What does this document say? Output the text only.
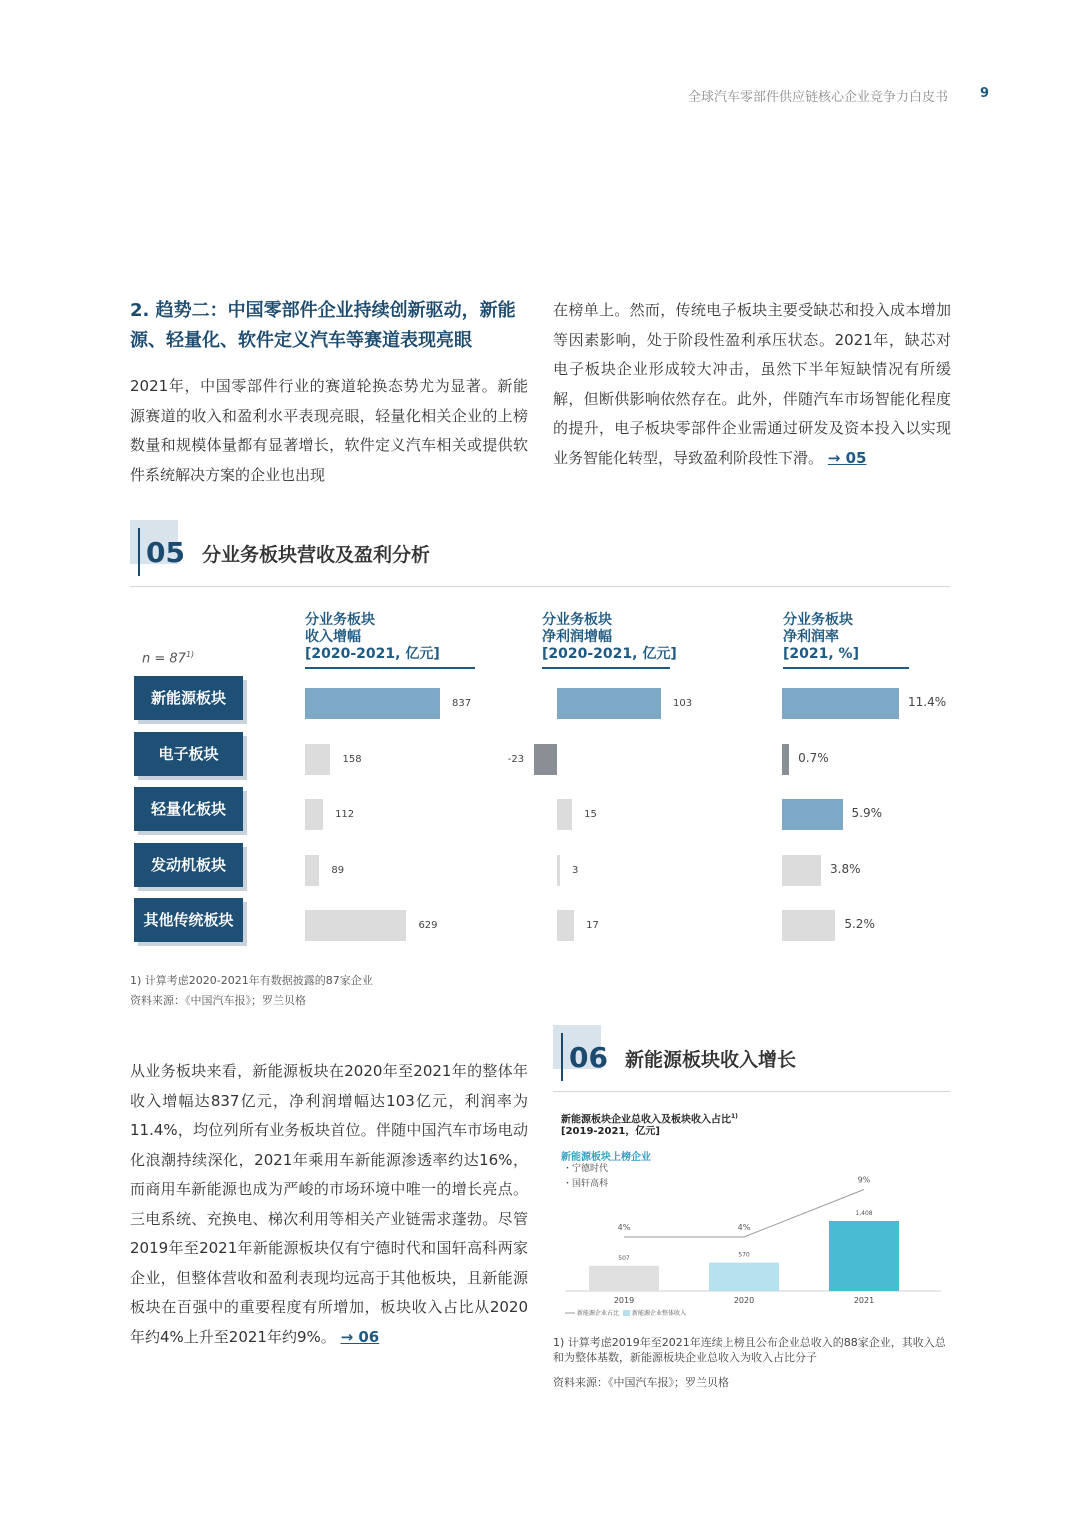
全球汽车零部件供应链核心企业竞争力白皮书 9
2. 趋势二：中国零部件企业持续创新驱动，新能源、轻量化、软件定义汽车等赛道表现亮眼
2021年，中国零部件行业的赛道轮换态势尤为显著。新能源赛道的收入和盈利水平表现亮眼，轻量化相关企业的上榜数量和规模体量都有显著增长，软件定义汽车相关或提供软件系统解决方案的企业也出现
在榜单上。然而，传统电子板块主要受缺芯和投入成本增加等因素影响，处于阶段性盈利承压状态。2021年，缺芯对电子板块企业形成较大冲击，虽然下半年短缺情况有所缓解，但断供影响依然存在。此外，伴随汽车市场智能化程度的提升，电子板块零部件企业需通过研发及资本投入以实现业务智能化转型，导致盈利阶段性下滑。 → 05
05 分业务板块营收及盈利分析
分业务板块
收入增幅
[2020-2021, 亿元]
分业务板块
净利润增幅
[2020-2021, 亿元]
分业务板块
净利润率
[2021, %]
$n = 87^{1)}$
新能源板块	837	103	11.4%
电子板块	158	-23	0.7%
轻量化板块	112	15	5.9%
发动机板块	89	3	3.8%
其他传统板块	629	17	5.2%
1) 计算考虑2020-2021年有数据披露的87家企业
资料来源：《中国汽车报》；罗兰贝格
从业务板块来看，新能源板块在2020年至2021年的整体年收入增幅达837亿元，净利润增幅达103亿元，利润率为11.4%，均位列所有业务板块首位。伴随中国汽车市场电动化浪潮持续深化，2021年乘用车新能源渗透率约达16%，而商用车新能源也成为严峻的市场环境中唯一的增长亮点。三电系统、充换电、梯次利用等相关产业链需求蓬勃。尽管2019年至2021年新能源板块仅有宁德时代和国轩高科两家企业，但整体营收和盈利表现均远高于其他板块，且新能源板块在百强中的重要程度有所增加，板块收入占比从2020年约4%上升至2021年约9%。 → 06
06 新能源板块收入增长
新能源板块企业总收入及板块收入占比$^{1)}$
[2019-2021，亿元]
新能源板块上榜企业
・宁德时代
・国轩高科
507
2019
570
2020
1,408
2021
4%	4%
9%
新能源企业占比 新能源企业整体收入
1) 计算考虑2019年至2021年连续上榜且公布企业总收入的88家企业，其收入总和为整体基数，新能源板块企业总收入为收入占比分子
资料来源：《中国汽车报》；罗兰贝格
